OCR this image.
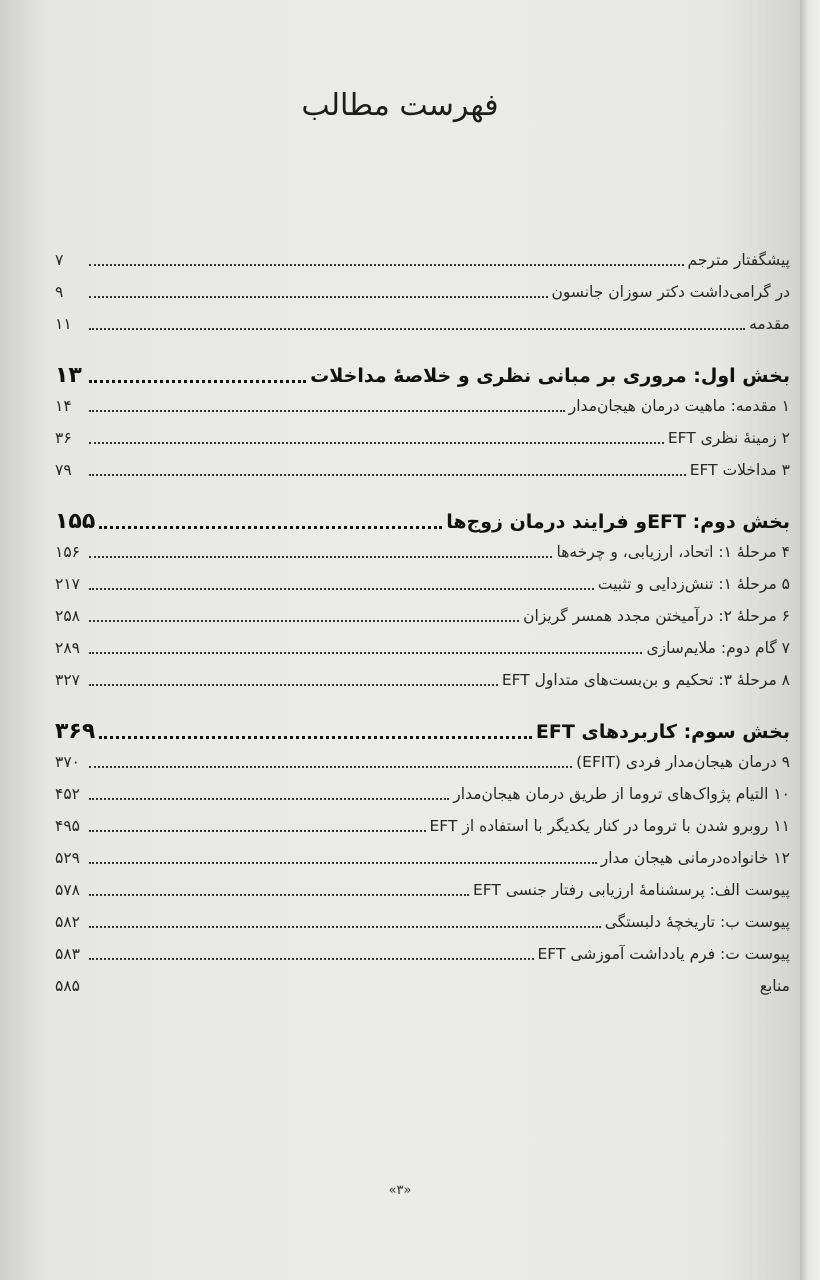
فهرست مطالب
پیشگفتار مترجم
۷
در گرامی‌داشت دکتر سوزان جانسون
۹
مقدمه
۱۱
بخش اول: مروری بر مبانی نظری و خلاصهٔ مداخلات
۱۳
۱ مقدمه: ماهیت درمان هیجان‌مدار
۱۴
۲ زمینهٔ نظری EFT
۳۶
۳ مداخلات EFT
۷۹
بخش دوم: EFTو فرایند درمان زوج‌ها
۱۵۵
۴ مرحلهٔ ۱: اتحاد، ارزیابی، و چرخه‌ها
۱۵۶
۵ مرحلهٔ ۱: تنش‌زدایی و تثبیت
۲۱۷
۶ مرحلهٔ ۲: درآمیختن مجدد همسر گریزان
۲۵۸
۷ گام دوم: ملایم‌سازی
۲۸۹
۸ مرحلهٔ ۳: تحکیم و بن‌بست‌های متداول EFT
۳۲۷
بخش سوم: کاربردهای EFT
۳۶۹
۹ درمان هیجان‌مدار فردی (EFIT)
۳۷۰
۱۰ التیام پژواک‌های تروما از طریق درمان هیجان‌مدار
۴۵۲
۱۱ روبرو شدن با تروما در کنار یکدیگر با استفاده از EFT
۴۹۵
۱۲ خانواده‌درمانی هیجان مدار
۵۲۹
پیوست الف: پرسشنامهٔ ارزیابی رفتار جنسی EFT
۵۷۸
پیوست ب: تاریخچهٔ دلبستگی
۵۸۲
پیوست ت: فرم یادداشت آموزشی EFT
۵۸۳
منابع
۵۸۵
«۳»
